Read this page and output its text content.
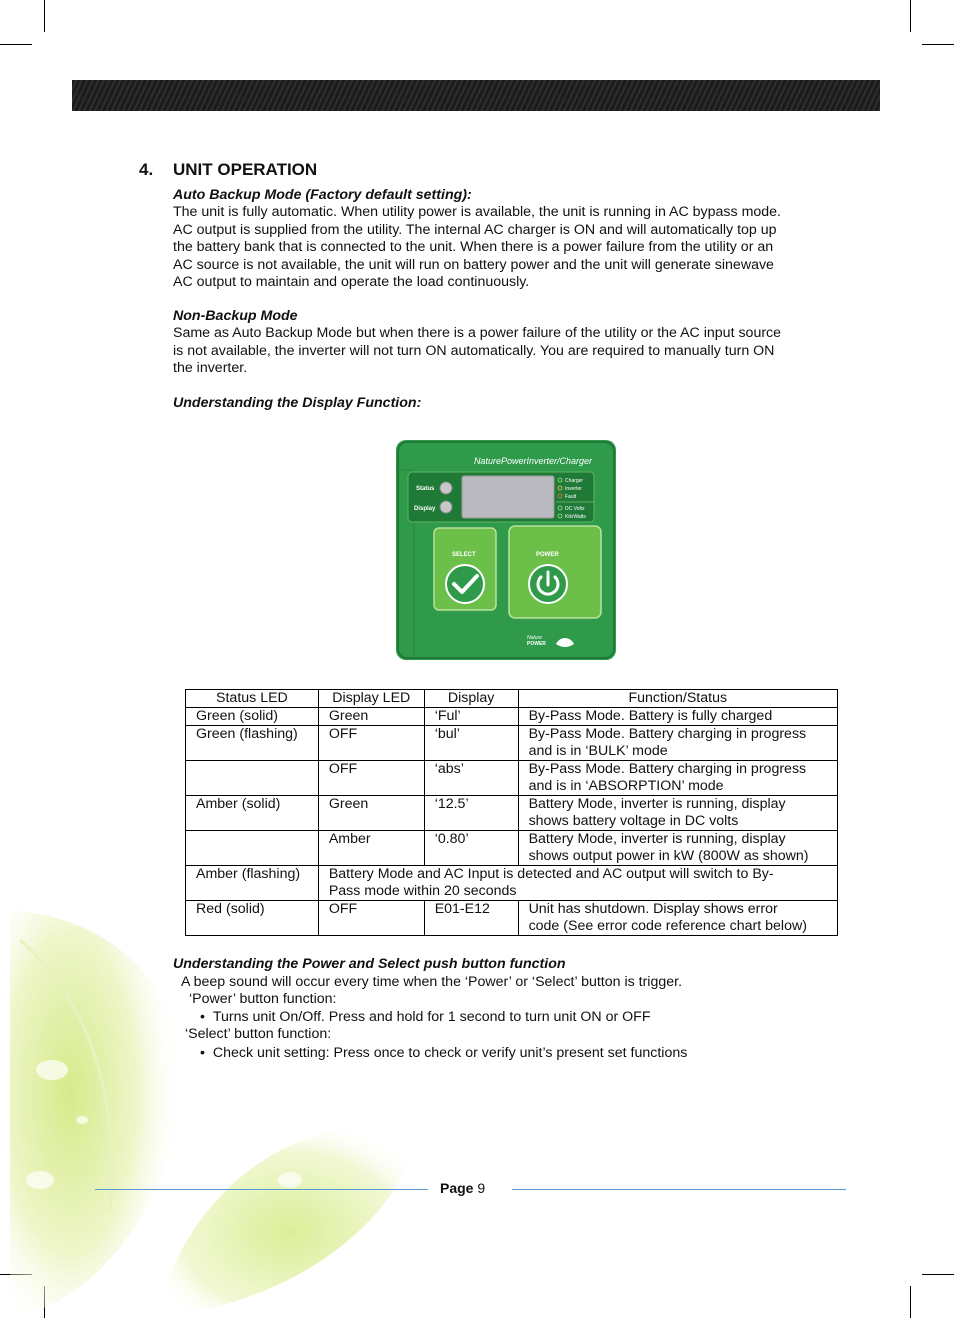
4. UNIT OPERATION
Auto Backup Mode (Factory default setting):
The unit is fully automatic. When utility power is available, the unit is running in AC bypass mode.
AC output is supplied from the utility. The internal AC charger is ON and will automatically top up
the battery bank that is connected to the unit. When there is a power failure from the utility or an
AC source is not available, the unit will run on battery power and the unit will generate sinewave
AC output to maintain and operate the load continuously.
Non-Backup Mode
Same as Auto Backup Mode but when there is a power failure of the utility or the AC input source
is not available, the inverter will not turn ON automatically. You are required to manually turn ON
the inverter.
Understanding the Display Function:
NaturePowerInverter/Charger
Status
Display
Charger
Inverter
Fault
DC Volts
KiloWatts
SELECT	POWER
Nature
POWER
Status LED	Display LED	Display	Function/Status
Green (solid)	Green	‘Ful’	By-Pass Mode. Battery is fully charged

Green (flashing)	OFF	‘bul’	By-Pass Mode. Battery charging in progress
and is in ‘BULK’ mode

	OFF	‘abs’	By-Pass Mode. Battery charging in progress
and is in ‘ABSORPTION’ mode

Amber (solid)	Green	‘12.5’	Battery Mode, inverter is running, display
shows battery voltage in DC volts

	Amber	‘0.80’	Battery Mode, inverter is running, display
shows output power in kW (800W as shown)

Amber (flashing)	Battery Mode and AC Input is detected and AC output will switch to By-
Pass mode within 20 seconds		

Red (solid)	OFF	E01-E12	Unit has shutdown. Display shows error
code (See error code reference chart below)
Understanding the Power and Select push button function
A beep sound will occur every time when the ‘Power’ or ‘Select’ button is trigger.
‘Power’ button function:
•  Turns unit On/Off. Press and hold for 1 second to turn unit ON or OFF
‘Select’ button function:
•  Check unit setting: Press once to check or verify unit’s present set functions
Page 9
